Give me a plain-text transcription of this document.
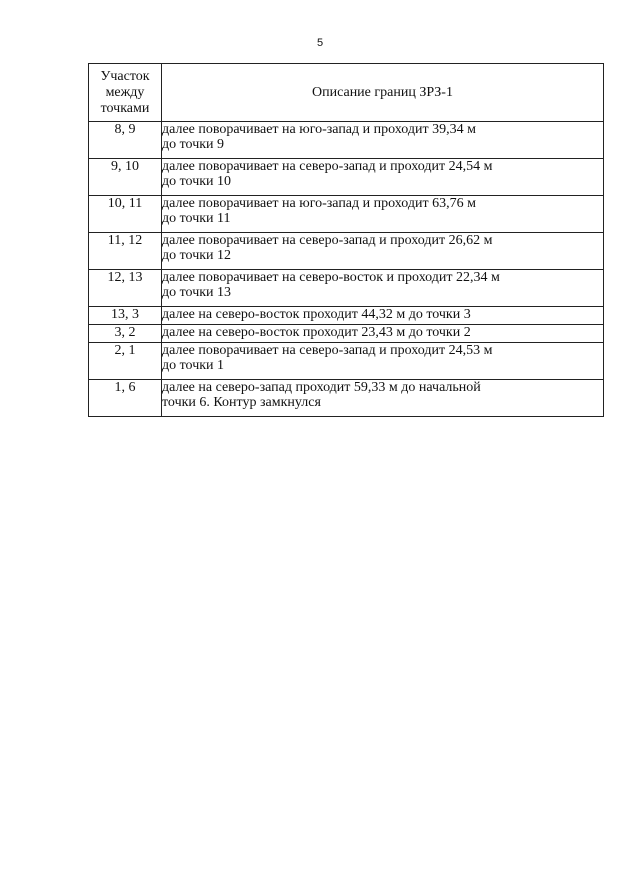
5
Участок
между
точками	Описание границ ЗРЗ-1
8, 9	далее поворачивает на юго-запад и проходит 39,34 м
до точки 9

9, 10	далее поворачивает на северо-запад и проходит 24,54 м
до точки 10

10, 11	далее поворачивает на юго-запад и проходит 63,76 м
до точки 11

11, 12	далее поворачивает на северо-запад и проходит 26,62 м
до точки 12

12, 13	далее поворачивает на северо-восток и проходит 22,34 м
до точки 13

13, 3	далее на северо-восток проходит 44,32 м до точки 3

3, 2	далее на северо-восток проходит 23,43 м до точки 2

2, 1	далее поворачивает на северо-запад и проходит 24,53 м
до точки 1

1, 6	далее на северо-запад проходит 59,33 м до начальной
точки 6. Контур замкнулся
